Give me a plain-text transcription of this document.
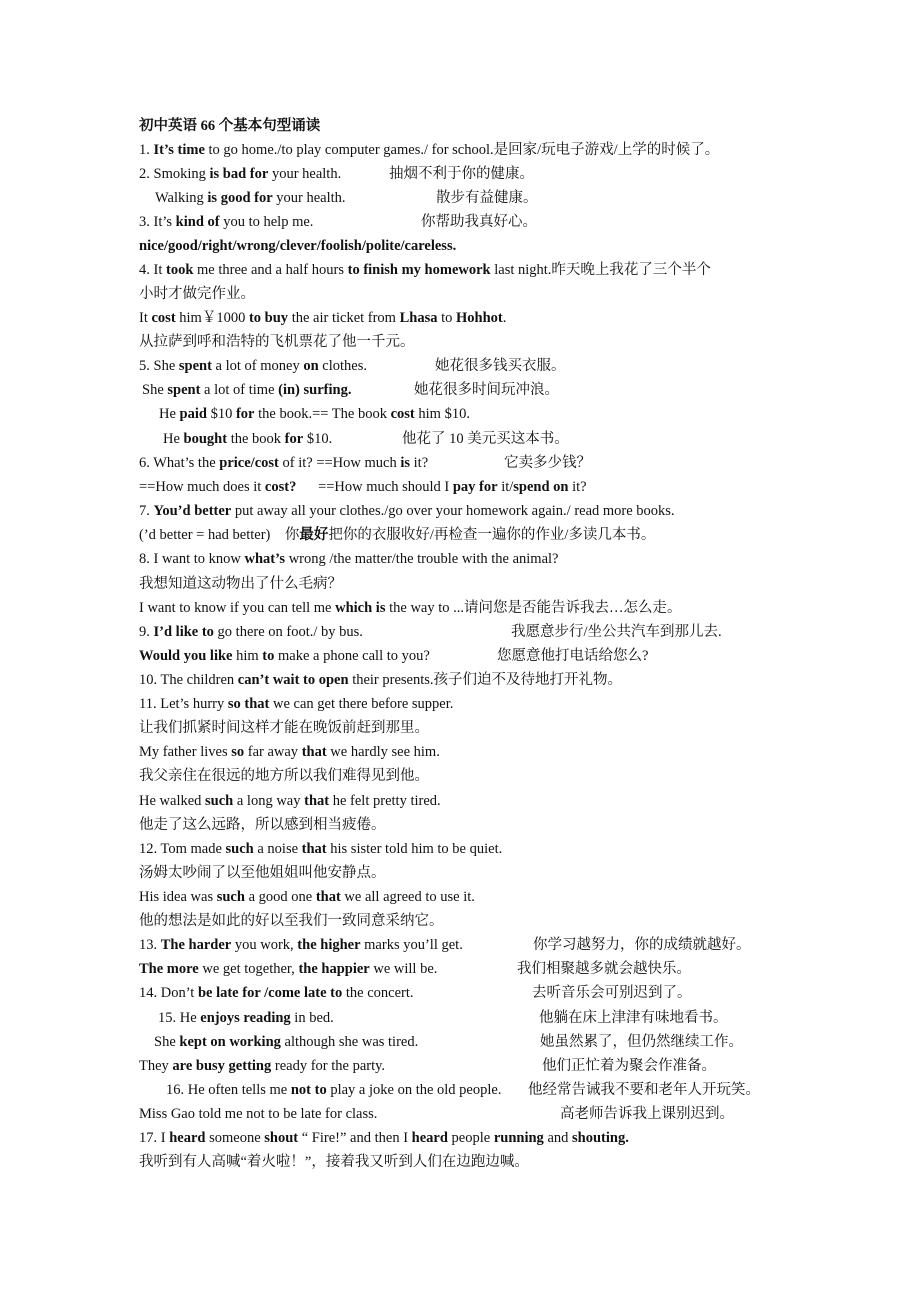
初中英语 66 个基本句型诵读
1. It’s time to go home./to play computer games./ for school.是回家/玩电子游戏/上学的时候了。
2. Smoking is bad for your health.	抽烟不利于你的健康。
Walking is good for your health.	散步有益健康。
3. It’s kind of you to help me.	你帮助我真好心。
nice/good/right/wrong/clever/foolish/polite/careless.
4. It took me three and a half hours to finish my homework last night.昨天晚上我花了三个半个
小时才做完作业。
It cost him￥1000 to buy the air ticket from Lhasa to Hohhot.
从拉萨到呼和浩特的飞机票花了他一千元。
5. She spent a lot of money on clothes.	她花很多钱买衣服。
She spent a lot of time (in) surfing.	她花很多时间玩冲浪。
He paid $10 for the book.== The book cost him $10.
He bought the book for $10.	他花了 10 美元买这本书。
6. What’s the price/cost of it? ==How much is it?	它卖多少钱？
==How much does it cost?      ==How much should I pay for it/spend on it?
7. You’d better put away all your clothes./go over your homework again./ read more books.
(’d better = had better)    你最好把你的衣服收好/再检查一遍你的作业/多读几本书。
8. I want to know what’s wrong /the matter/the trouble with the animal?
我想知道这动物出了什么毛病？
I want to know if you can tell me which is the way to ...请问您是否能告诉我去…怎么走。
9. I’d like to go there on foot./ by bus.	我愿意步行/坐公共汽车到那儿去.
Would you like him to make a phone call to you?	您愿意他打电话给您么?
10. The children can’t wait to open their presents.孩子们迫不及待地打开礼物。
11. Let’s hurry so that we can get there before supper.
让我们抓紧时间这样才能在晚饭前赶到那里。
My father lives so far away that we hardly see him.
我父亲住在很远的地方所以我们难得见到他。
He walked such a long way that he felt pretty tired.
他走了这么远路，所以感到相当疲倦。
12. Tom made such a noise that his sister told him to be quiet.
汤姆太吵闹了以至他姐姐叫他安静点。
His idea was such a good one that we all agreed to use it.
他的想法是如此的好以至我们一致同意采纳它。
13. The harder you work, the higher marks you’ll get.	你学习越努力，你的成绩就越好。
The more we get together, the happier we will be.	我们相聚越多就会越快乐。
14. Don’t be late for /come late to the concert.	去听音乐会可别迟到了。
15. He enjoys reading in bed.	他躺在床上津津有味地看书。
She kept on working although she was tired.	她虽然累了，但仍然继续工作。
They are busy getting ready for the party.	他们正忙着为聚会作准备。
16. He often tells me not to play a joke on the old people. 他经常告诫我不要和老年人开玩笑。
Miss Gao told me not to be late for class.	高老师告诉我上课别迟到。
17. I heard someone shout “ Fire!” and then I heard people running and shouting.
我听到有人高喊“着火啦！”，接着我又听到人们在边跑边喊。
